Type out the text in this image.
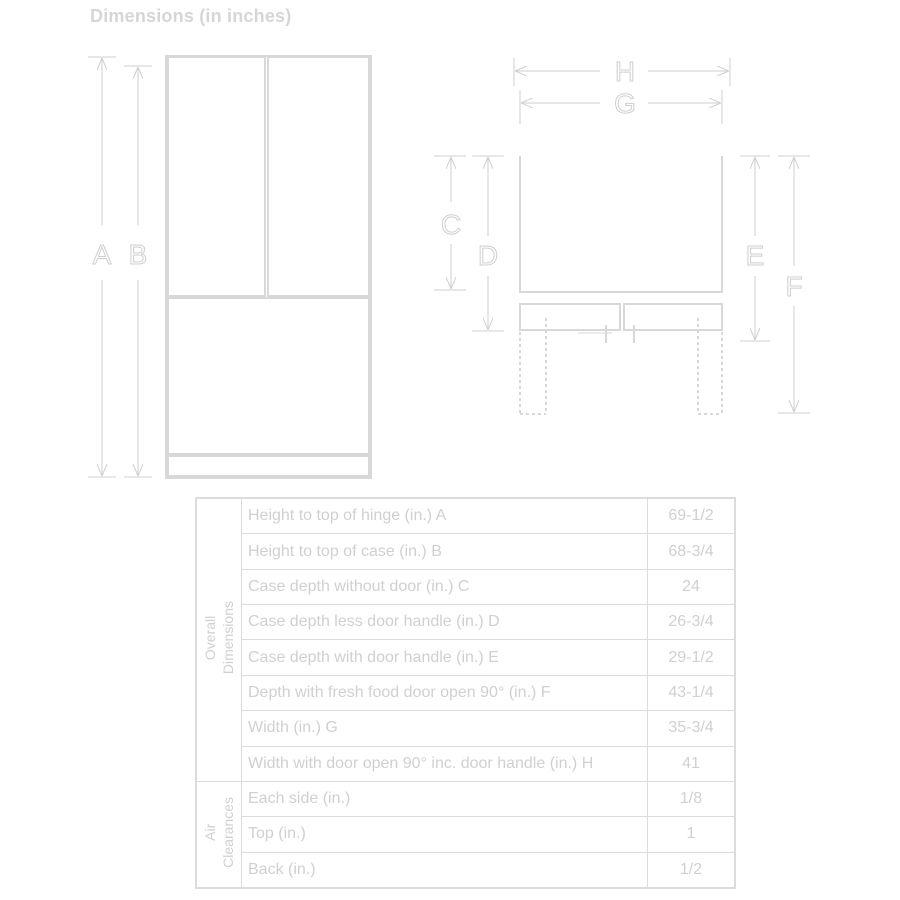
Dimensions (in inches)
A B
H
G
C
D	E
F
Overall Dimensions	Height to top of hinge (in.) A	69-1/2
	Height to top of case (in.) B	68-3/4
	Case depth without door (in.) C	24
	Case depth less door handle (in.) D	26-3/4
	Case depth with door handle (in.) E	29-1/2
	Depth with fresh food door open 90° (in.) F	43-1/4
	Width (in.) G	35-3/4
	Width with door open 90° inc. door handle (in.) H	41

Air Clearances	Each side (in.)	1/8
	Top (in.)	1
	Back (in.)	1/2
